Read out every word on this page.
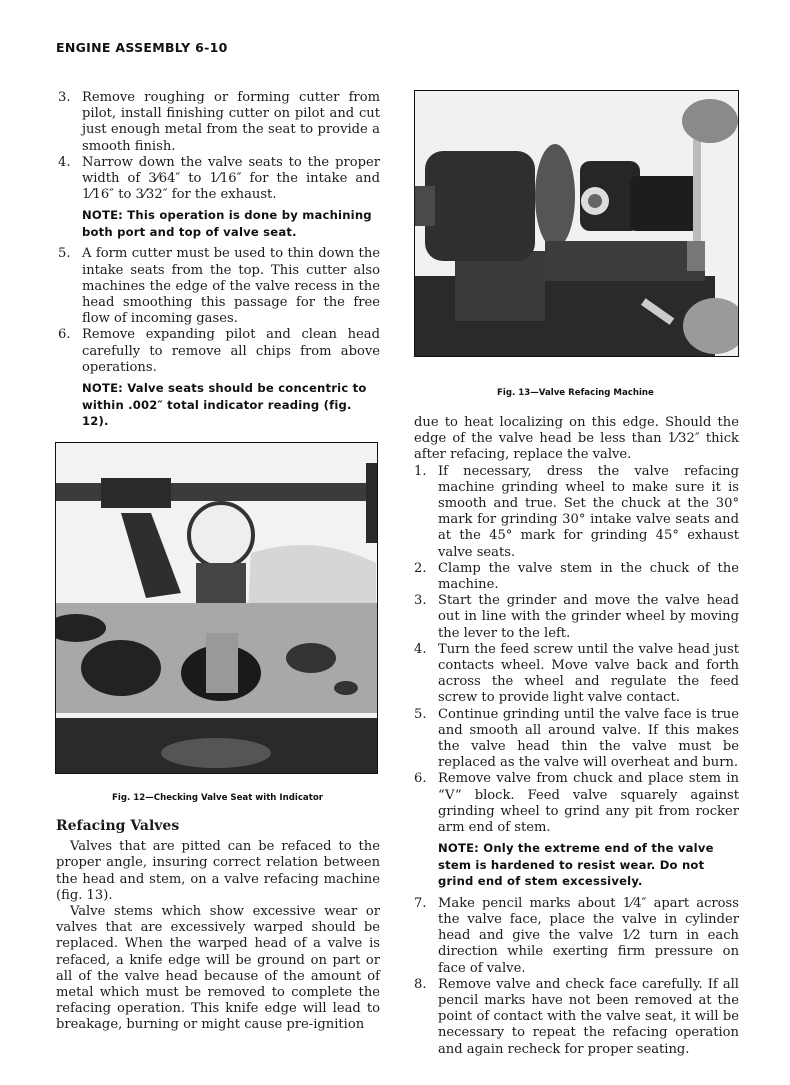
ENGINE ASSEMBLY 6-10
3. Remove roughing or forming cutter from pilot, install finishing cutter on pilot and cut just enough metal from the seat to provide a smooth finish.
4. Narrow down the valve seats to the proper width of 3⁄64″ to 1⁄16″ for the intake and 1⁄16″ to 3⁄32″ for the exhaust.
NOTE: This operation is done by machining both port and top of valve seat.
5. A form cutter must be used to thin down the intake seats from the top. This cutter also machines the edge of the valve recess in the head smoothing this passage for the free flow of incoming gases.
6. Remove expanding pilot and clean head carefully to remove all chips from above operations.
NOTE: Valve seats should be concentric to within .002″ total indicator reading (fig. 12).
Fig. 13—Valve Refacing Machine
Fig. 12—Checking Valve Seat with Indicator
Refacing Valves

Valves that are pitted can be refaced to the proper angle, insuring correct relation between the head and stem, on a valve refacing machine (fig. 13).

Valve stems which show excessive wear or valves that are excessively warped should be replaced. When the warped head of a valve is refaced, a knife edge will be ground on part or all of the valve head because of the amount of metal which must be removed to complete the refacing operation. This knife edge will lead to breakage, burning or might cause pre-ignition

due to heat localizing on this edge. Should the edge of the valve head be less than 1⁄32″ thick after refacing, replace the valve.

1. If necessary, dress the valve refacing machine grinding wheel to make sure it is smooth and true. Set the chuck at the 30° mark for grinding 30° intake valve seats and at the 45° mark for grinding 45° exhaust valve seats.
2. Clamp the valve stem in the chuck of the machine.
3. Start the grinder and move the valve head out in line with the grinder wheel by moving the lever to the left.
4. Turn the feed screw until the valve head just contacts wheel. Move valve back and forth across the wheel and regulate the feed screw to provide light valve contact.
5. Continue grinding until the valve face is true and smooth all around valve. If this makes the valve head thin the valve must be replaced as the valve will overheat and burn.
6. Remove valve from chuck and place stem in “V” block. Feed valve squarely against grinding wheel to grind any pit from rocker arm end of stem.
NOTE: Only the extreme end of the valve stem is hardened to resist wear. Do not grind end of stem excessively.
7. Make pencil marks about 1⁄4″ apart across the valve face, place the valve in cylinder head and give the valve 1⁄2 turn in each direction while exerting firm pressure on face of valve.
8. Remove valve and check face carefully. If all pencil marks have not been removed at the point of contact with the valve seat, it will be necessary to repeat the refacing operation and again recheck for proper seating.
